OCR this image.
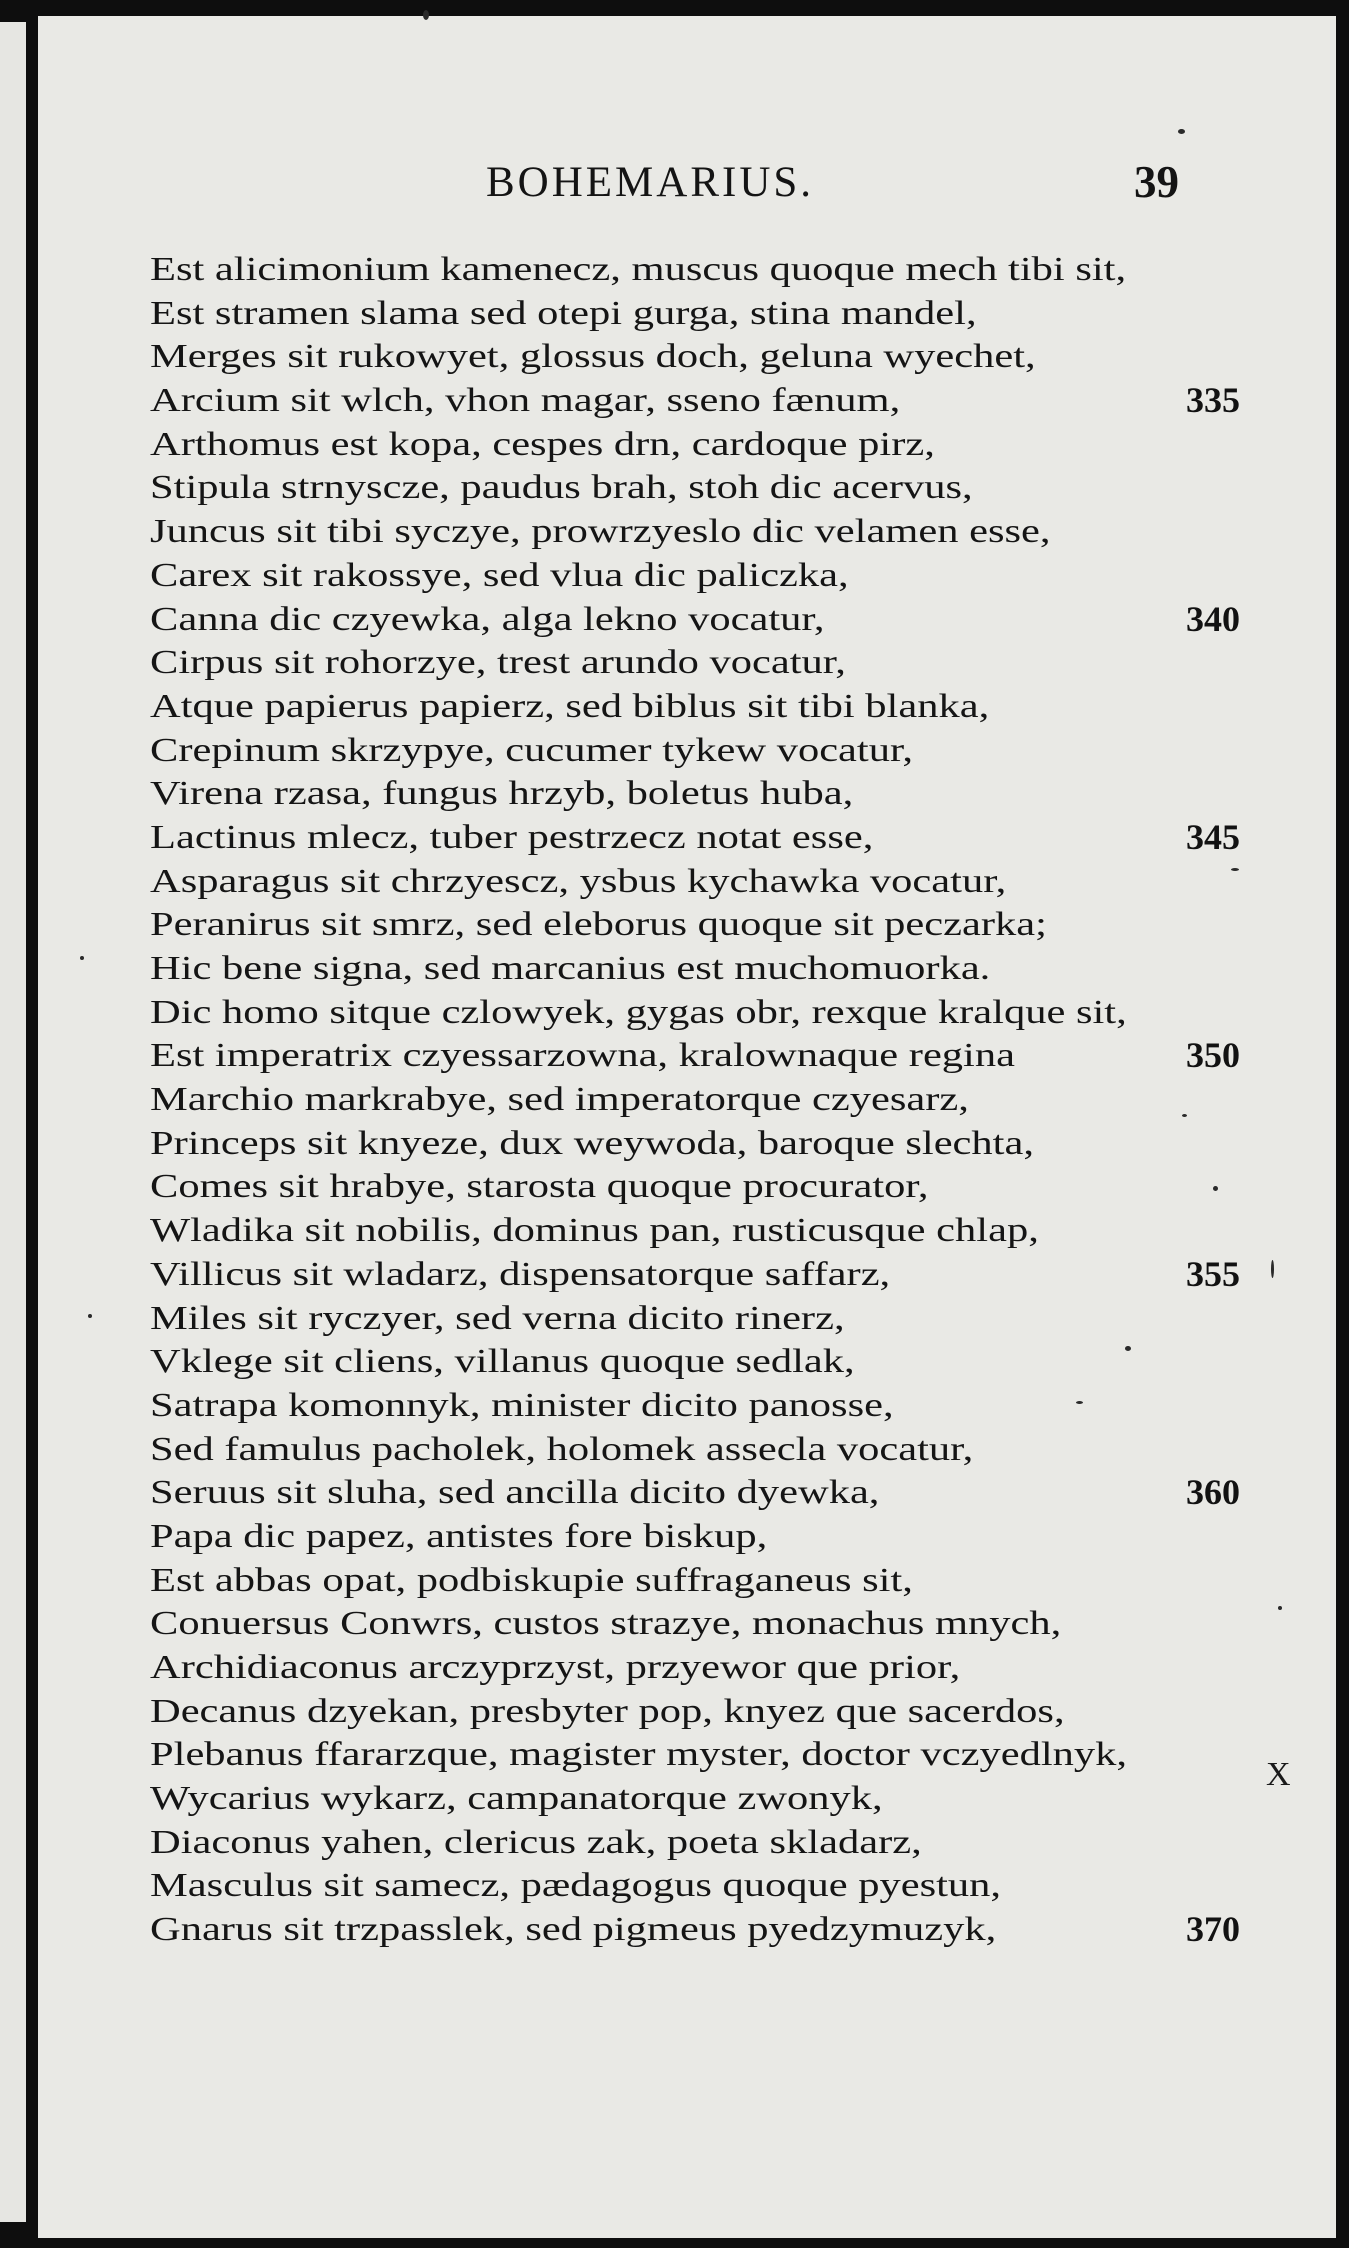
BOHEMARIUS.	39
Est alicimonium kamenecz, muscus quoque mech tibi sit,
Est stramen slama sed otepi gurga, stina mandel,
Merges sit rukowyet, glossus doch, geluna wyechet,
Arcium sit wlch, vhon magar, sseno fænum,	335
Arthomus est kopa, cespes drn, cardoque pirz,
Stipula strnyscze, paudus brah, stoh dic acervus,
Juncus sit tibi syczye, prowrzyeslo dic velamen esse,
Carex sit rakossye, sed vlua dic paliczka,
Canna dic czyewka, alga lekno vocatur,	340
Cirpus sit rohorzye, trest arundo vocatur,
Atque papierus papierz, sed biblus sit tibi blanka,
Crepinum skrzypye, cucumer tykew vocatur,
Virena rzasa, fungus hrzyb, boletus huba,
Lactinus mlecz, tuber pestrzecz notat esse,	345
Asparagus sit chrzyescz, ysbus kychawka vocatur,
Peranirus sit smrz, sed eleborus quoque sit peczarka;
Hic bene signa, sed marcanius est muchomuorka.
Dic homo sitque czlowyek, gygas obr, rexque kralque sit,
Est imperatrix czyessarzowna, kralownaque regina	350
Marchio markrabye, sed imperatorque czyesarz,
Princeps sit knyeze, dux weywoda, baroque slechta,
Comes sit hrabye, starosta quoque procurator,
Wladika sit nobilis, dominus pan, rusticusque chlap,
Villicus sit wladarz, dispensatorque saffarz,	355
Miles sit ryczyer, sed verna dicito rinerz,
Vklege sit cliens, villanus quoque sedlak,
Satrapa komonnyk, minister dicito panosse,
Sed famulus pacholek, holomek assecla vocatur,
Seruus sit sluha, sed ancilla dicito dyewka,	360
Papa dic papez, antistes fore biskup,
Est abbas opat, podbiskupie suffraganeus sit,
Conuersus Conwrs, custos strazye, monachus mnych,
Archidiaconus arczyprzyst, przyewor que prior,
Decanus dzyekan, presbyter pop, knyez que sacerdos,
Plebanus ffararzque, magister myster, doctor vczyedlnyk,
Wycarius wykarz, campanatorque zwonyk,
Diaconus yahen, clericus zak, poeta skladarz,
Masculus sit samecz, pædagogus quoque pyestun,
Gnarus sit trzpasslek, sed pigmeus pyedzymuzyk,	370
X
